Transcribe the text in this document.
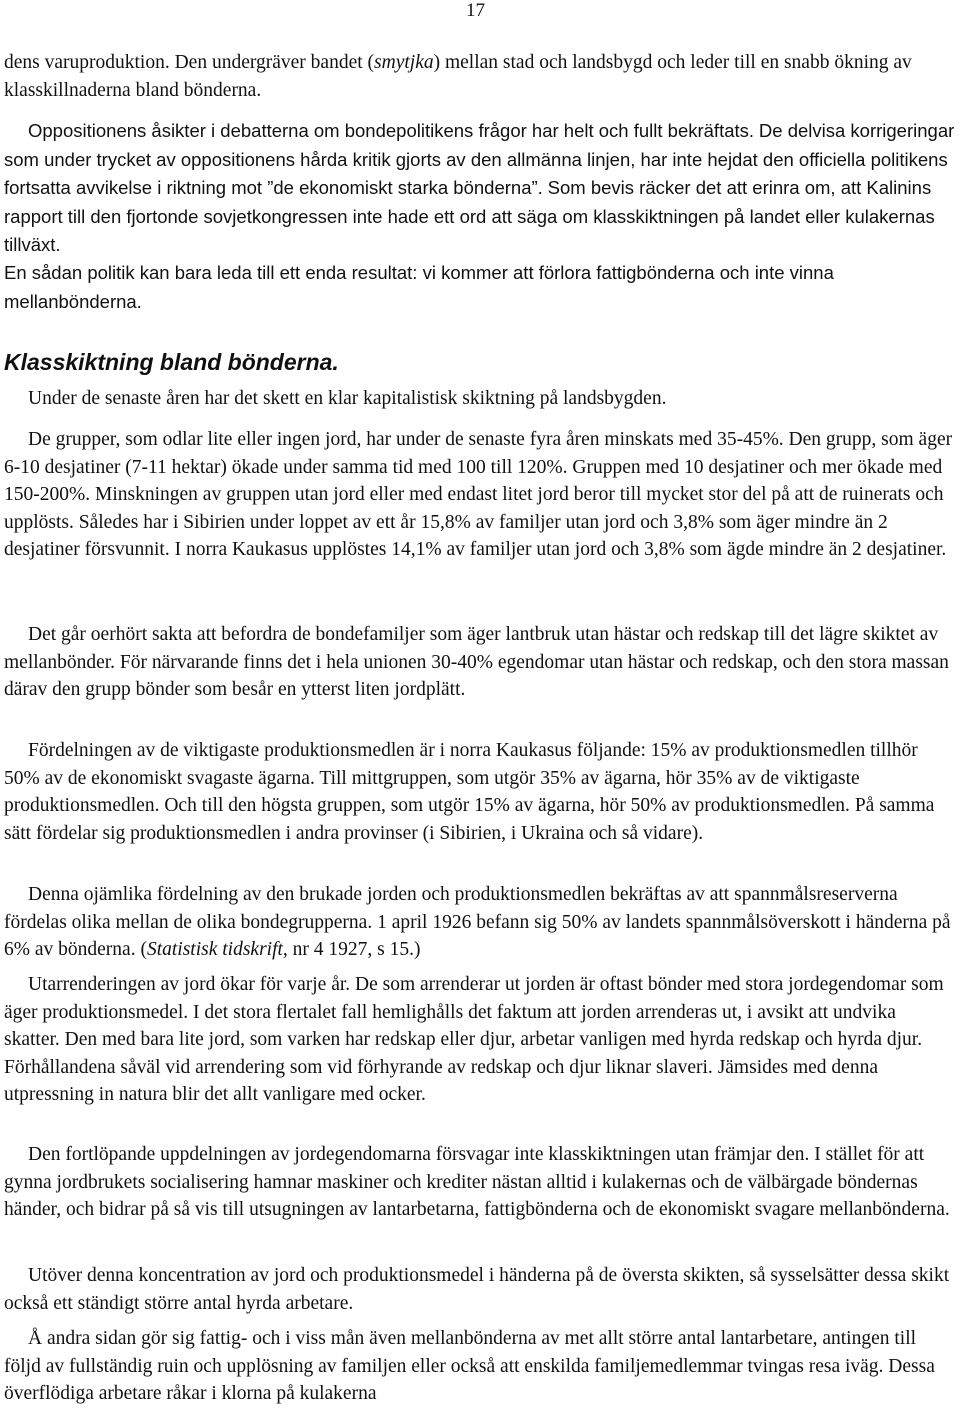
17

dens varuproduktion. Den undergräver bandet (smytjka) mellan stad och landsbygd och leder till en snabb ökning av klasskillnaderna bland bönderna.

Oppositionens åsikter i debatterna om bondepolitikens frågor har helt och fullt bekräftats. De delvisa korrigeringar som under trycket av oppositionens hårda kritik gjorts av den allmänna linjen, har inte hejdat den officiella politikens fortsatta avvikelse i riktning mot ”de ekonomiskt starka bönderna”. Som bevis räcker det att erinra om, att Kalinins rapport till den fjortonde sovjetkongressen inte hade ett ord att säga om klasskiktningen på landet eller kulakernas tillväxt.

En sådan politik kan bara leda till ett enda resultat: vi kommer att förlora fattigbönderna och inte vinna mellanbönderna.

Klasskiktning bland bönderna.

Under de senaste åren har det skett en klar kapitalistisk skiktning på landsbygden.

De grupper, som odlar lite eller ingen jord, har under de senaste fyra åren minskats med 35-45%. Den grupp, som äger 6-10 desjatiner (7-11 hektar) ökade under samma tid med 100 till 120%. Gruppen med 10 desjatiner och mer ökade med 150-200%. Minskningen av gruppen utan jord eller med endast litet jord beror till mycket stor del på att de ruinerats och upplösts. Således har i Sibirien under loppet av ett år 15,8% av familjer utan jord och 3,8% som äger mindre än 2 desjatiner försvunnit. I norra Kaukasus upplöstes 14,1% av familjer utan jord och 3,8% som ägde mindre än 2 desjatiner.

Det går oerhört sakta att befordra de bondefamiljer som äger lantbruk utan hästar och redskap till det lägre skiktet av mellanbönder. För närvarande finns det i hela unionen 30-40% egendomar utan hästar och redskap, och den stora massan därav den grupp bönder som besår en ytterst liten jordplätt.

Fördelningen av de viktigaste produktionsmedlen är i norra Kaukasus följande: 15% av produktionsmedlen tillhör 50% av de ekonomiskt svagaste ägarna. Till mittgruppen, som utgör 35% av ägarna, hör 35% av de viktigaste produktionsmedlen. Och till den högsta gruppen, som utgör 15% av ägarna, hör 50% av produktionsmedlen. På samma sätt fördelar sig produktionsmedlen i andra provinser (i Sibirien, i Ukraina och så vidare).

Denna ojämlika fördelning av den brukade jorden och produktionsmedlen bekräftas av att spannmålsreserverna fördelas olika mellan de olika bondegrupperna. 1 april 1926 befann sig 50% av landets spannmålsöverskott i händerna på 6% av bönderna. (Statistisk tidskrift, nr 4 1927, s 15.)

Utarrenderingen av jord ökar för varje år. De som arrenderar ut jorden är oftast bönder med stora jordegendomar som äger produktionsmedel. I det stora flertalet fall hemlighålls det faktum att jorden arrenderas ut, i avsikt att undvika skatter. Den med bara lite jord, som varken har redskap eller djur, arbetar vanligen med hyrda redskap och hyrda djur. Förhållandena såväl vid arrendering som vid förhyrande av redskap och djur liknar slaveri. Jämsides med denna utpressning in natura blir det allt vanligare med ocker.

Den fortlöpande uppdelningen av jordegendomarna försvagar inte klasskiktningen utan främjar den. I stället för att gynna jordbrukets socialisering hamnar maskiner och krediter nästan alltid i kulakernas och de välbärgade böndernas händer, och bidrar på så vis till utsugningen av lantarbetarna, fattigbönderna och de ekonomiskt svagare mellanbönderna.

Utöver denna koncentration av jord och produktionsmedel i händerna på de översta skikten, så sysselsätter dessa skikt också ett ständigt större antal hyrda arbetare.

Å andra sidan gör sig fattig- och i viss mån även mellanbönderna av met allt större antal lantarbetare, antingen till följd av fullständig ruin och upplösning av familjen eller också att enskilda familjemedlemmar tvingas resa iväg. Dessa överflödiga arbetare råkar i klorna på kulakerna
